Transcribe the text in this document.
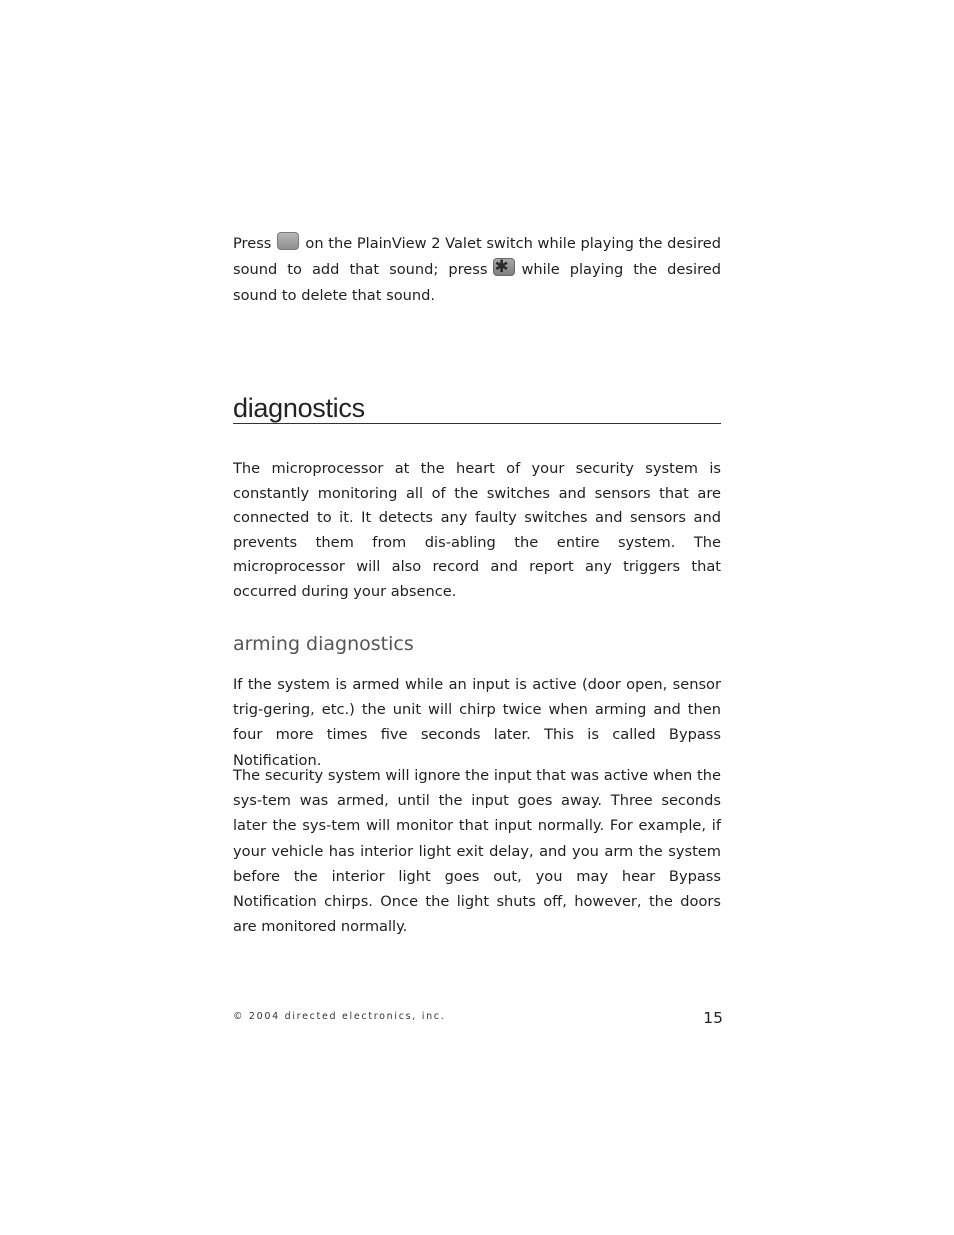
Press on the PlainView 2 Valet switch while playing the desired sound to add that sound; press ✱ while playing the desired sound to delete that sound.

diagnostics

The microprocessor at the heart of your security system is constantly monitoring all of the switches and sensors that are connected to it. It detects any faulty switches and sensors and prevents them from dis-abling the entire system. The microprocessor will also record and report any triggers that occurred during your absence.

arming diagnostics

If the system is armed while an input is active (door open, sensor trig-gering, etc.) the unit will chirp twice when arming and then four more times five seconds later. This is called Bypass Notification.

The security system will ignore the input that was active when the sys-tem was armed, until the input goes away. Three seconds later the sys-tem will monitor that input normally. For example, if your vehicle has interior light exit delay, and you arm the system before the interior light goes out, you may hear Bypass Notification chirps. Once the light shuts off, however, the doors are monitored normally.

© 2004 directed electronics, inc.	15
